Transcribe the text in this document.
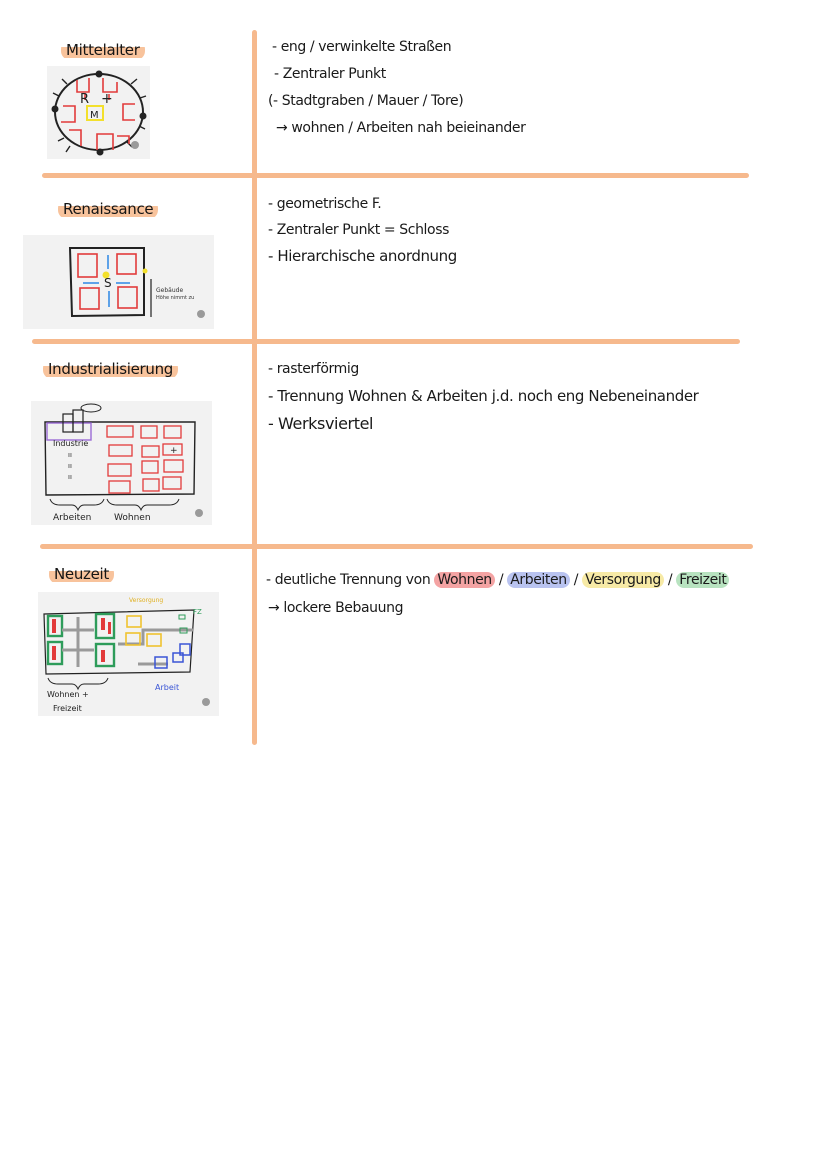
Mittelalter
R +
M
- eng / verwinkelte Straßen
- Zentraler Punkt
(- Stadtgraben / Mauer / Tore)
→ wohnen / Arbeiten nah beieinander
Renaissance
S
Gebäude
Höhe nimmt zu
- geometrische F.
- Zentraler Punkt = Schloss
- Hierarchische anordnung
Industrialisierung
Industrie
ıı
ıı
ıı
+
Arbeiten	Wohnen
- rasterförmig
- Trennung Wohnen & Arbeiten j.d. noch eng Nebeneinander
- Werksviertel
Neuzeit
Versorgung
FZ
Arbeit
Wohnen +
Freizeit
- deutliche Trennung von Wohnen / Arbeiten / Versorgung / Freizeit
→ lockere Bebauung
